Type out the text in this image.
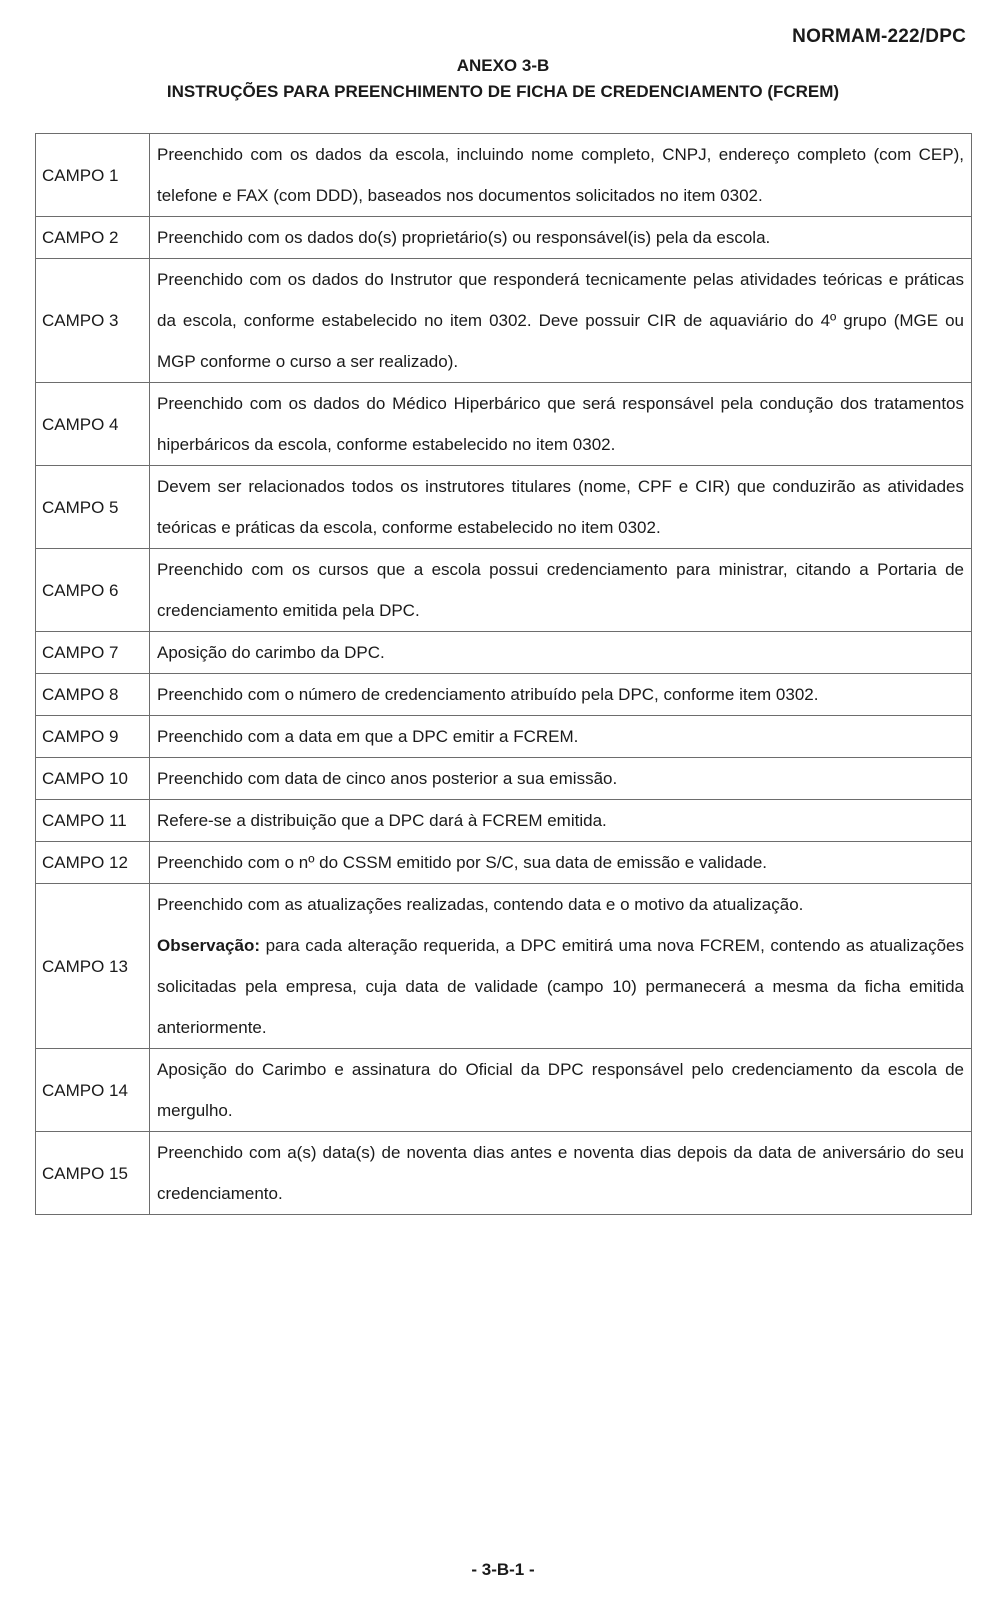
NORMAM-222/DPC
ANEXO 3-B
INSTRUÇÕES PARA PREENCHIMENTO DE FICHA DE CREDENCIAMENTO (FCREM)
CAMPO 1	Preenchido com os dados da escola, incluindo nome completo, CNPJ, endereço completo (com CEP), telefone e FAX (com DDD), baseados nos documentos solicitados no item 0302.
CAMPO 2	Preenchido com os dados do(s) proprietário(s) ou responsável(is) pela da escola.
CAMPO 3	Preenchido com os dados do Instrutor que responderá tecnicamente pelas atividades teóricas e práticas da escola, conforme estabelecido no item 0302. Deve possuir CIR de aquaviário do 4º grupo (MGE ou MGP conforme o curso a ser realizado).
CAMPO 4	Preenchido com os dados do Médico Hiperbárico que será responsável pela condução dos tratamentos hiperbáricos da escola, conforme estabelecido no item 0302.
CAMPO 5	Devem ser relacionados todos os instrutores titulares (nome, CPF e CIR) que conduzirão as atividades teóricas e práticas da escola, conforme estabelecido no item 0302.
CAMPO 6	Preenchido com os cursos que a escola possui credenciamento para ministrar, citando a Portaria de credenciamento emitida pela DPC.
CAMPO 7	Aposição do carimbo da DPC.
CAMPO 8	Preenchido com o número de credenciamento atribuído pela DPC, conforme item 0302.
CAMPO 9	Preenchido com a data em que a DPC emitir a FCREM.
CAMPO 10	Preenchido com data de cinco anos posterior a sua emissão.
CAMPO 11	Refere-se a distribuição que a DPC dará à FCREM emitida.
CAMPO 12	Preenchido com o nº do CSSM emitido por S/C, sua data de emissão e validade.
CAMPO 13	Preenchido com as atualizações realizadas, contendo data e o motivo da atualização.
Observação: para cada alteração requerida, a DPC emitirá uma nova FCREM, contendo as atualizações solicitadas pela empresa, cuja data de validade (campo 10) permanecerá a mesma da ficha emitida anteriormente.

CAMPO 14	Aposição do Carimbo e assinatura do Oficial da DPC responsável pelo credenciamento da escola de mergulho.
CAMPO 15	Preenchido com a(s) data(s) de noventa dias antes e noventa dias depois da data de aniversário do seu credenciamento.
- 3-B-1 -
